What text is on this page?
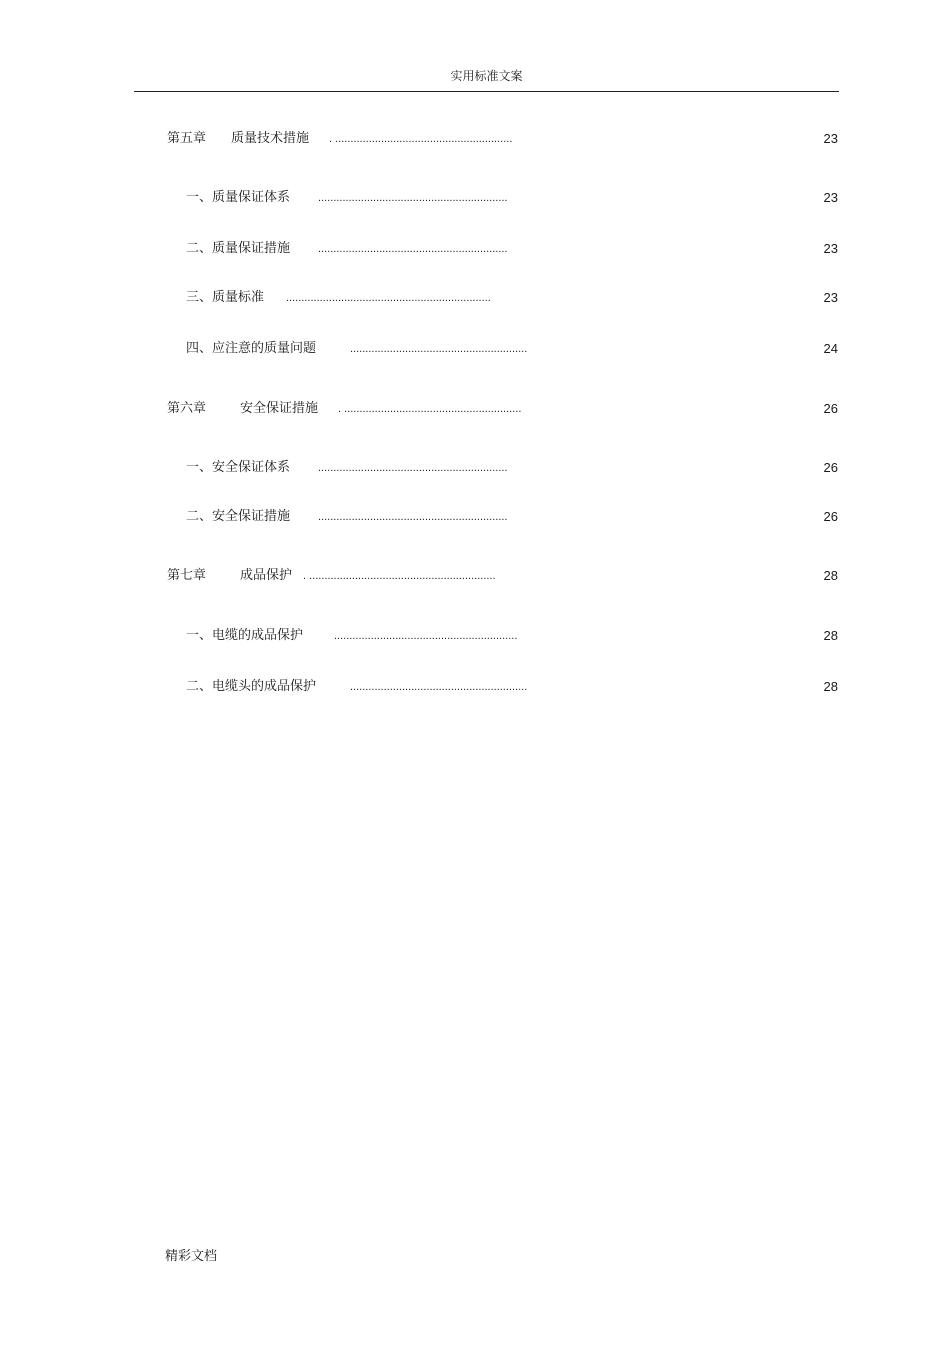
实用标准文案
第五章 质量技术措施 . ..........................................................	23
一、质量保证体系	..............................................................	23
二、质量保证措施	..............................................................	23
三、质量标准 ...................................................................	23
四、应注意的质量问题	..........................................................	24
第六章	安全保证措施 . ..........................................................	26
一、安全保证体系	..............................................................	26
二、安全保证措施	..............................................................	26
第七章	成品保护 . .............................................................	28
一、电缆的成品保护	............................................................	28
二、电缆头的成品保护	..........................................................	28
精彩文档
